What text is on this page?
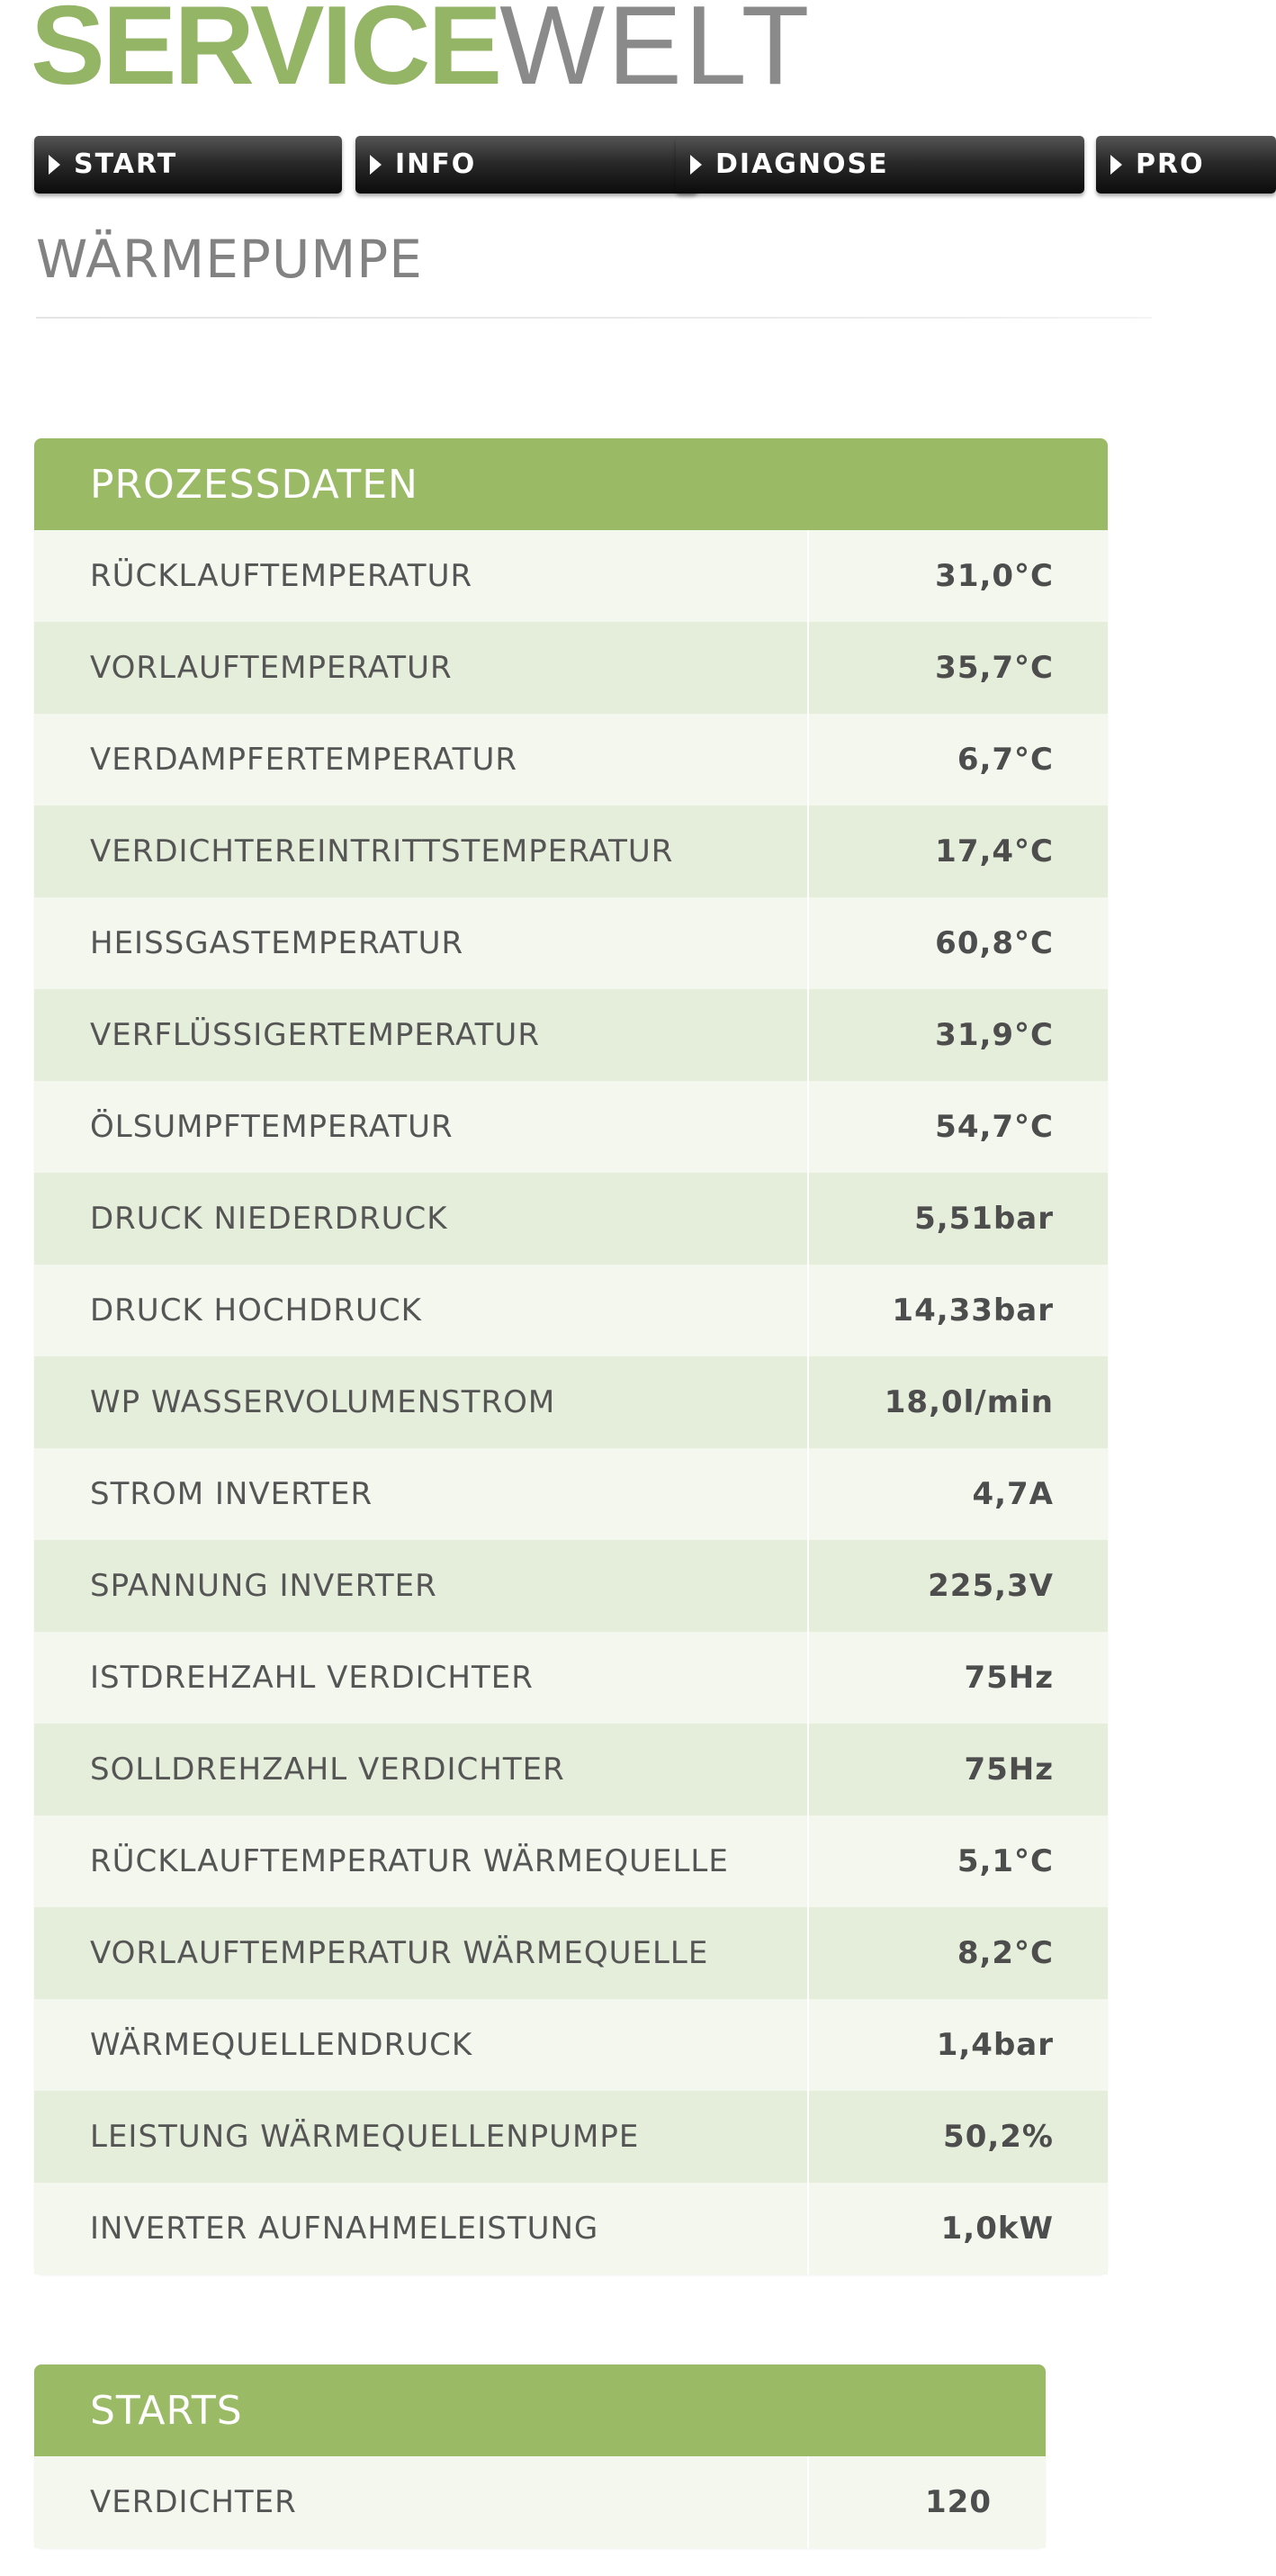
SERVICEWELT
START	INFO	DIAGNOSE	PRO
WÄRMEPUMPE
PROZESSDATEN
RÜCKLAUFTEMPERATUR	31,0°C
VORLAUFTEMPERATUR	35,7°C
VERDAMPFERTEMPERATUR	6,7°C
VERDICHTEREINTRITTSTEMPERATUR	17,4°C
HEISSGASTEMPERATUR	60,8°C
VERFLÜSSIGERTEMPERATUR	31,9°C
ÖLSUMPFTEMPERATUR	54,7°C
DRUCK NIEDERDRUCK	5,51bar
DRUCK HOCHDRUCK	14,33bar
WP WASSERVOLUMENSTROM	18,0l/min
STROM INVERTER	4,7A
SPANNUNG INVERTER	225,3V
ISTDREHZAHL VERDICHTER	75Hz
SOLLDREHZAHL VERDICHTER	75Hz
RÜCKLAUFTEMPERATUR WÄRMEQUELLE	5,1°C
VORLAUFTEMPERATUR WÄRMEQUELLE	8,2°C
WÄRMEQUELLENDRUCK	1,4bar
LEISTUNG WÄRMEQUELLENPUMPE	50,2%
INVERTER AUFNAHMELEISTUNG	1,0kW
STARTS
VERDICHTER	120
